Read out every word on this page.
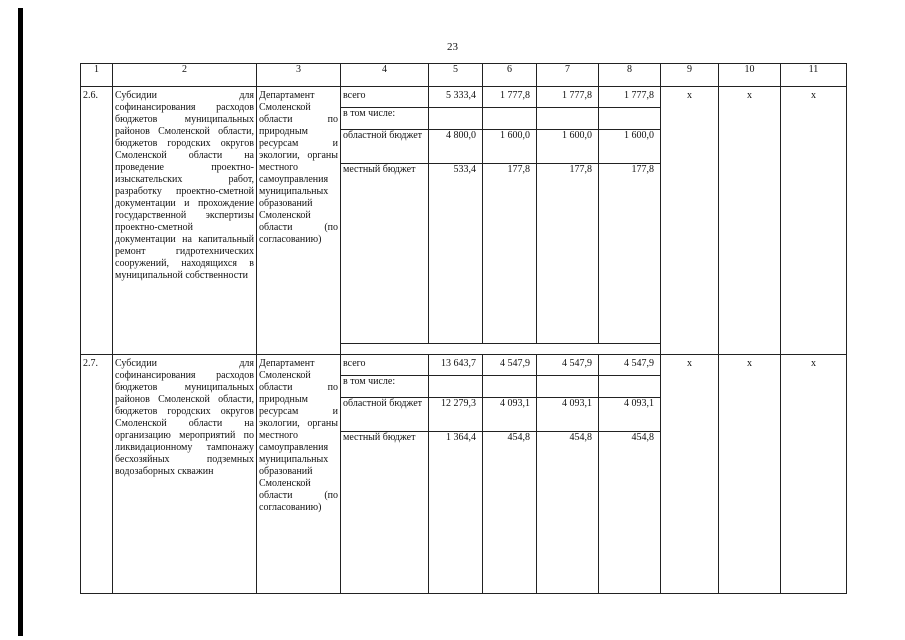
23
1	2	3	4	5	6	7	8	9	10	11
2.6.	Субсидии для софинансирования расходов бюджетов муниципальных районов Смоленской области, бюджетов городских округов Смоленской области на проведение проектно-изыскательских работ, разработку проектно-сметной документации и прохождение государственной экспертизы проектно-сметной документации на капитальный ремонт гидротехнических сооружений, находящихся в муниципальной собственности	Департамент Смоленской области по природным ресурсам и экологии, органы местного самоуправления муниципальных образований Смоленской области (по согласованию)	всего	5 333,4	1 777,8	1 777,8	1 777,8	х	х	х
			в том числе:							
			областной бюджет	4 800,0	1 600,0	1 600,0	1 600,0			
			местный бюджет	533,4	177,8	177,8	177,8			

2.7.	Субсидии для софинансирования расходов бюджетов муниципальных районов Смоленской области, бюджетов городских округов Смоленской области на организацию мероприятий по ликвидационному тампонажу бесхозяйных подземных водозаборных скважин	Департамент Смоленской области по природным ресурсам и экологии, органы местного самоуправления муниципальных образований Смоленской области (по согласованию)	всего	13 643,7	4 547,9	4 547,9	4 547,9	х	х	х
			в том числе:							
			областной бюджет	12 279,3	4 093,1	4 093,1	4 093,1			
			местный бюджет	1 364,4	454,8	454,8	454,8			
